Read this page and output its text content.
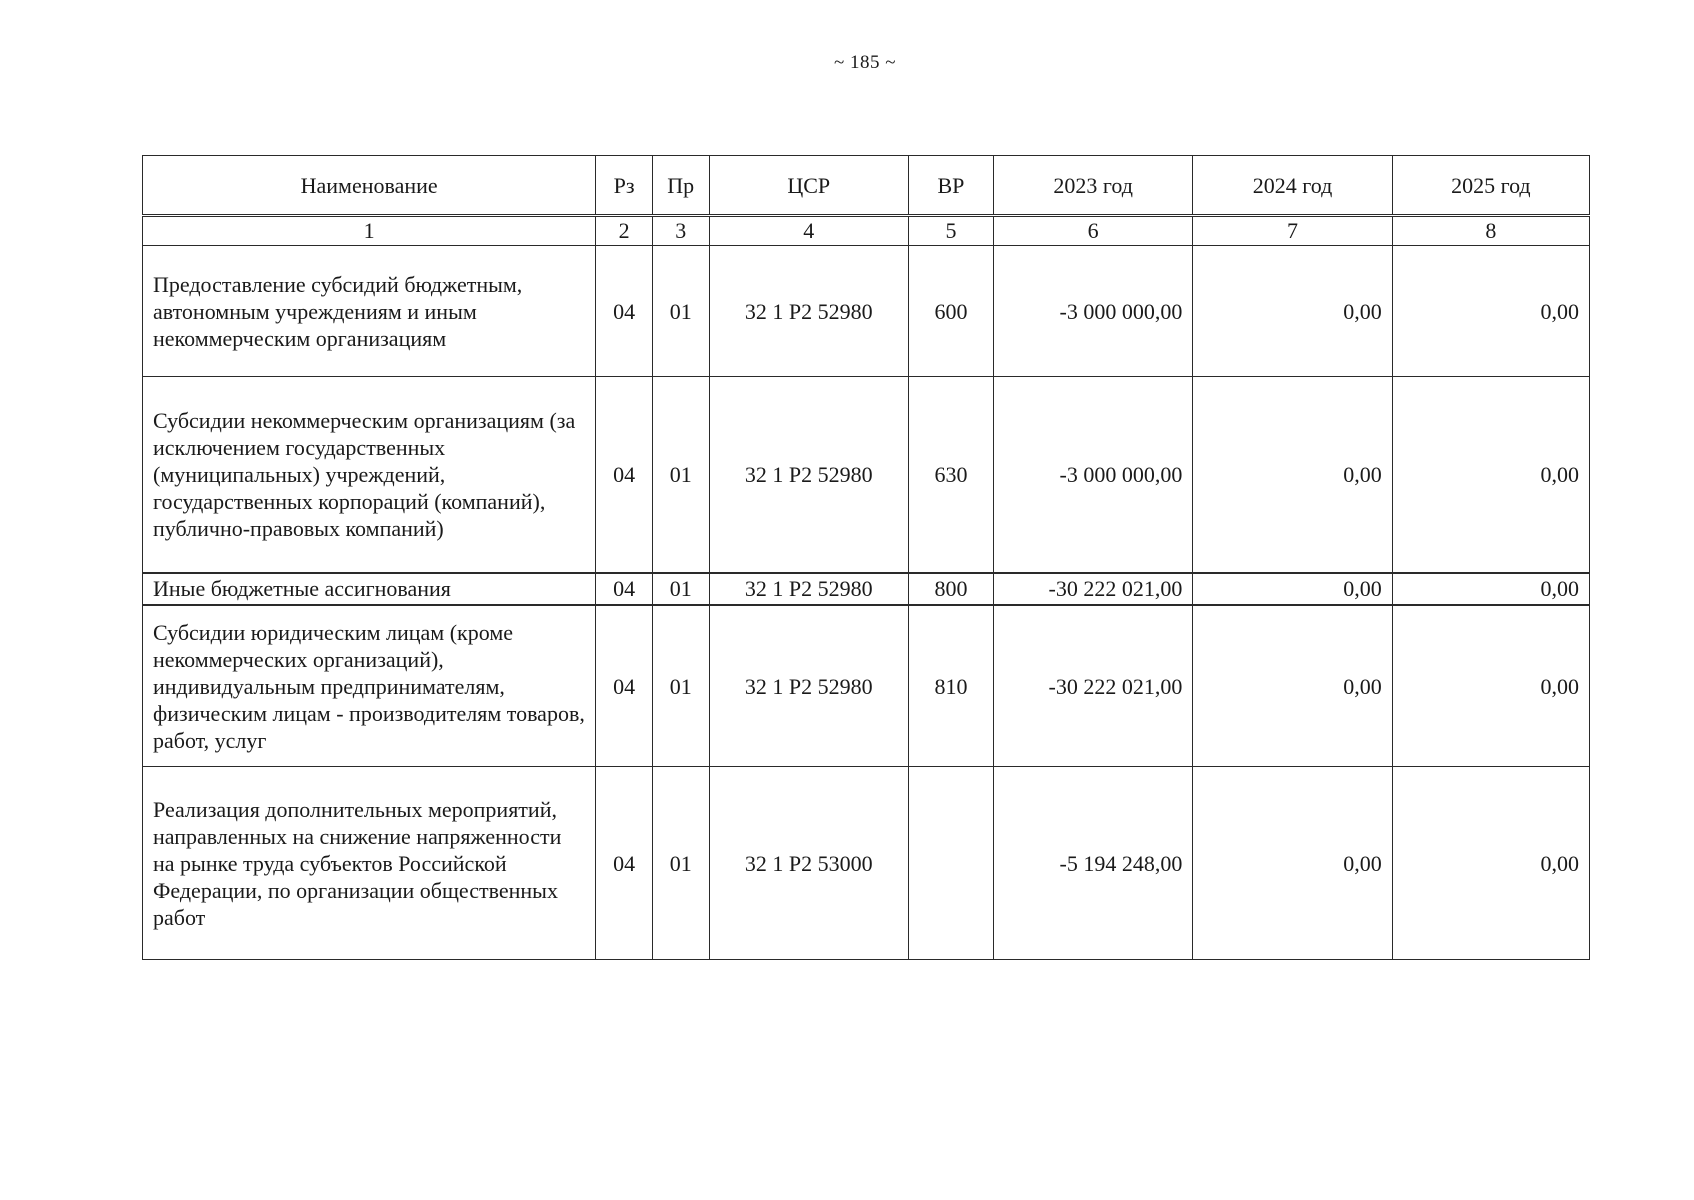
~ 185 ~
Наименование	Рз	Пр	ЦСР	ВР	2023 год	2024 год	2025 год
1	2	3	4	5	6	7	8
Предоставление субсидий бюджетным, автономным учреждениям и иным некоммерческим организациям	04	01	32 1 Р2 52980	600	-3 000 000,00	0,00	0,00
Субсидии некоммерческим организациям (за исключением государственных (муниципальных) учреждений, государственных корпораций (компаний), публично-правовых компаний)	04	01	32 1 Р2 52980	630	-3 000 000,00	0,00	0,00
Иные бюджетные ассигнования	04	01	32 1 Р2 52980	800	-30 222 021,00	0,00	0,00
Субсидии юридическим лицам (кроме некоммерческих организаций), индивидуальным предпринимателям, физическим лицам - производителям товаров, работ, услуг	04	01	32 1 Р2 52980	810	-30 222 021,00	0,00	0,00
Реализация дополнительных мероприятий, направленных на снижение напряженности на рынке труда субъектов Российской Федерации, по организации общественных работ	04	01	32 1 Р2 53000		-5 194 248,00	0,00	0,00
